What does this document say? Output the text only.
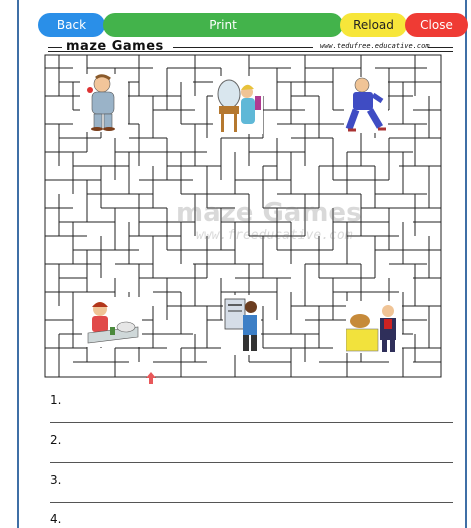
Back	Print	Reload	Close
maze Games	www.tedufree.educative.com
maze Games
www.freeducative.com
1.
2.
3.
4.
